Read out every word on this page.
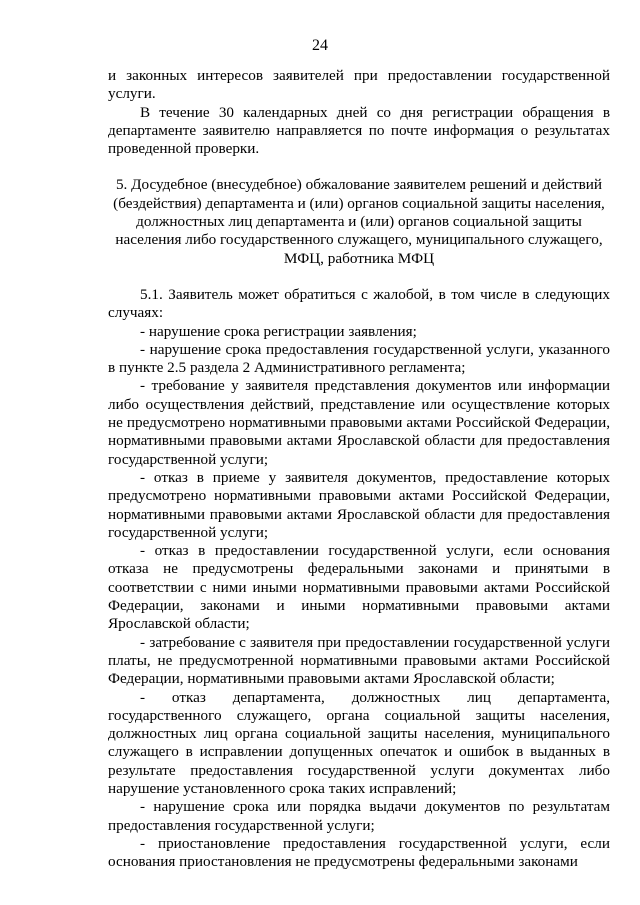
24

и законных интересов заявителей при предоставлении государственной услуги.

В течение 30 календарных дней со дня регистрации обращения в департаменте заявителю направляется по почте информация о результатах проведенной проверки.

5. Досудебное (внесудебное) обжалование заявителем решений и действий (бездействия) департамента и (или) органов социальной защиты населения, должностных лиц департамента и (или) органов социальной защиты населения либо государственного служащего, муниципального служащего, МФЦ, работника МФЦ

5.1. Заявитель может обратиться с жалобой, в том числе в следующих случаях:

- нарушение срока регистрации заявления;

- нарушение срока предоставления государственной услуги, указанного в пункте 2.5 раздела 2 Административного регламента;

- требование у заявителя представления документов или информации либо осуществления действий, представление или осуществление которых не предусмотрено нормативными правовыми актами Российской Федерации, нормативными правовыми актами Ярославской области для предоставления государственной услуги;

- отказ в приеме у заявителя документов, предоставление которых предусмотрено нормативными правовыми актами Российской Федерации, нормативными правовыми актами Ярославской области для предоставления государственной услуги;

- отказ в предоставлении государственной услуги, если основания отказа не предусмотрены федеральными законами и принятыми в соответствии с ними иными нормативными правовыми актами Российской Федерации, законами и иными нормативными правовыми актами Ярославской области;

- затребование с заявителя при предоставлении государственной услуги платы, не предусмотренной нормативными правовыми актами Российской Федерации, нормативными правовыми актами Ярославской области;

- отказ департамента, должностных лиц департамента, государственного служащего, органа социальной защиты населения, должностных лиц органа социальной защиты населения, муниципального служащего в исправлении допущенных опечаток и ошибок в выданных в результате предоставления государственной услуги документах либо нарушение установленного срока таких исправлений;

- нарушение срока или порядка выдачи документов по результатам предоставления государственной услуги;

- приостановление предоставления государственной услуги, если основания приостановления не предусмотрены федеральными законами
